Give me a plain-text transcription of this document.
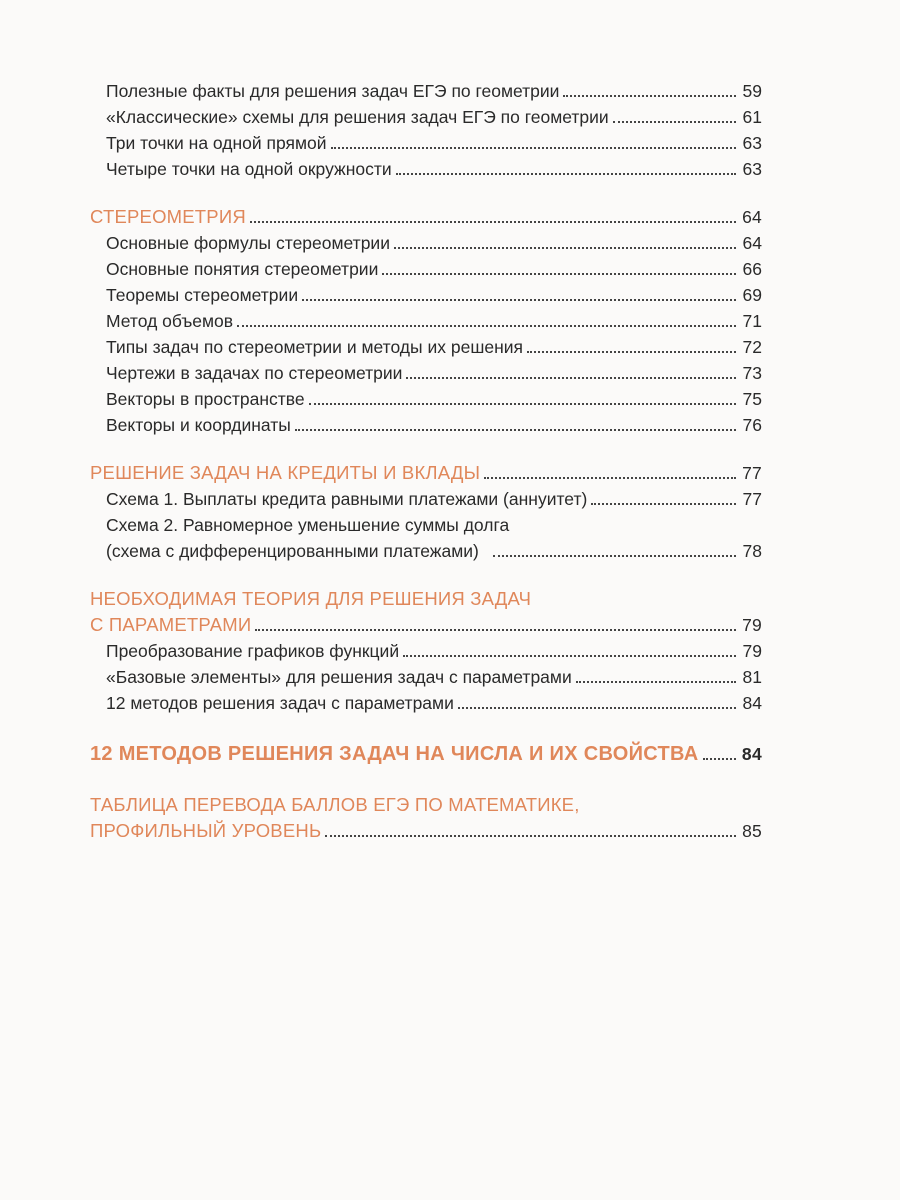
Полезные факты для решения задач ЕГЭ по геометрии	59
«Классические» схемы для решения задач ЕГЭ по геометрии	61
Три точки на одной прямой	63
Четыре точки на одной окружности	63
СТЕРЕОМЕТРИЯ	64
Основные формулы стереометрии	64
Основные понятия стереометрии	66
Теоремы стереометрии	69
Метод объемов	71
Типы задач по стереометрии и методы их решения	72
Чертежи в задачах по стереометрии	73
Векторы в пространстве	75
Векторы и координаты	76
РЕШЕНИЕ ЗАДАЧ НА КРЕДИТЫ И ВКЛАДЫ	77
Схема 1. Выплаты кредита равными платежами (аннуитет)	77
Схема 2. Равномерное уменьшение суммы долга
(схема с дифференцированными платежами)	78
НЕОБХОДИМАЯ ТЕОРИЯ ДЛЯ РЕШЕНИЯ ЗАДАЧ
С ПАРАМЕТРАМИ	79
Преобразование графиков функций	79
«Базовые элементы» для решения задач с параметрами	81
12 методов решения задач с параметрами	84
12 МЕТОДОВ РЕШЕНИЯ ЗАДАЧ НА ЧИСЛА И ИХ СВОЙСТВА 84
ТАБЛИЦА ПЕРЕВОДА БАЛЛОВ ЕГЭ ПО МАТЕМАТИКЕ,
ПРОФИЛЬНЫЙ УРОВЕНЬ	85
